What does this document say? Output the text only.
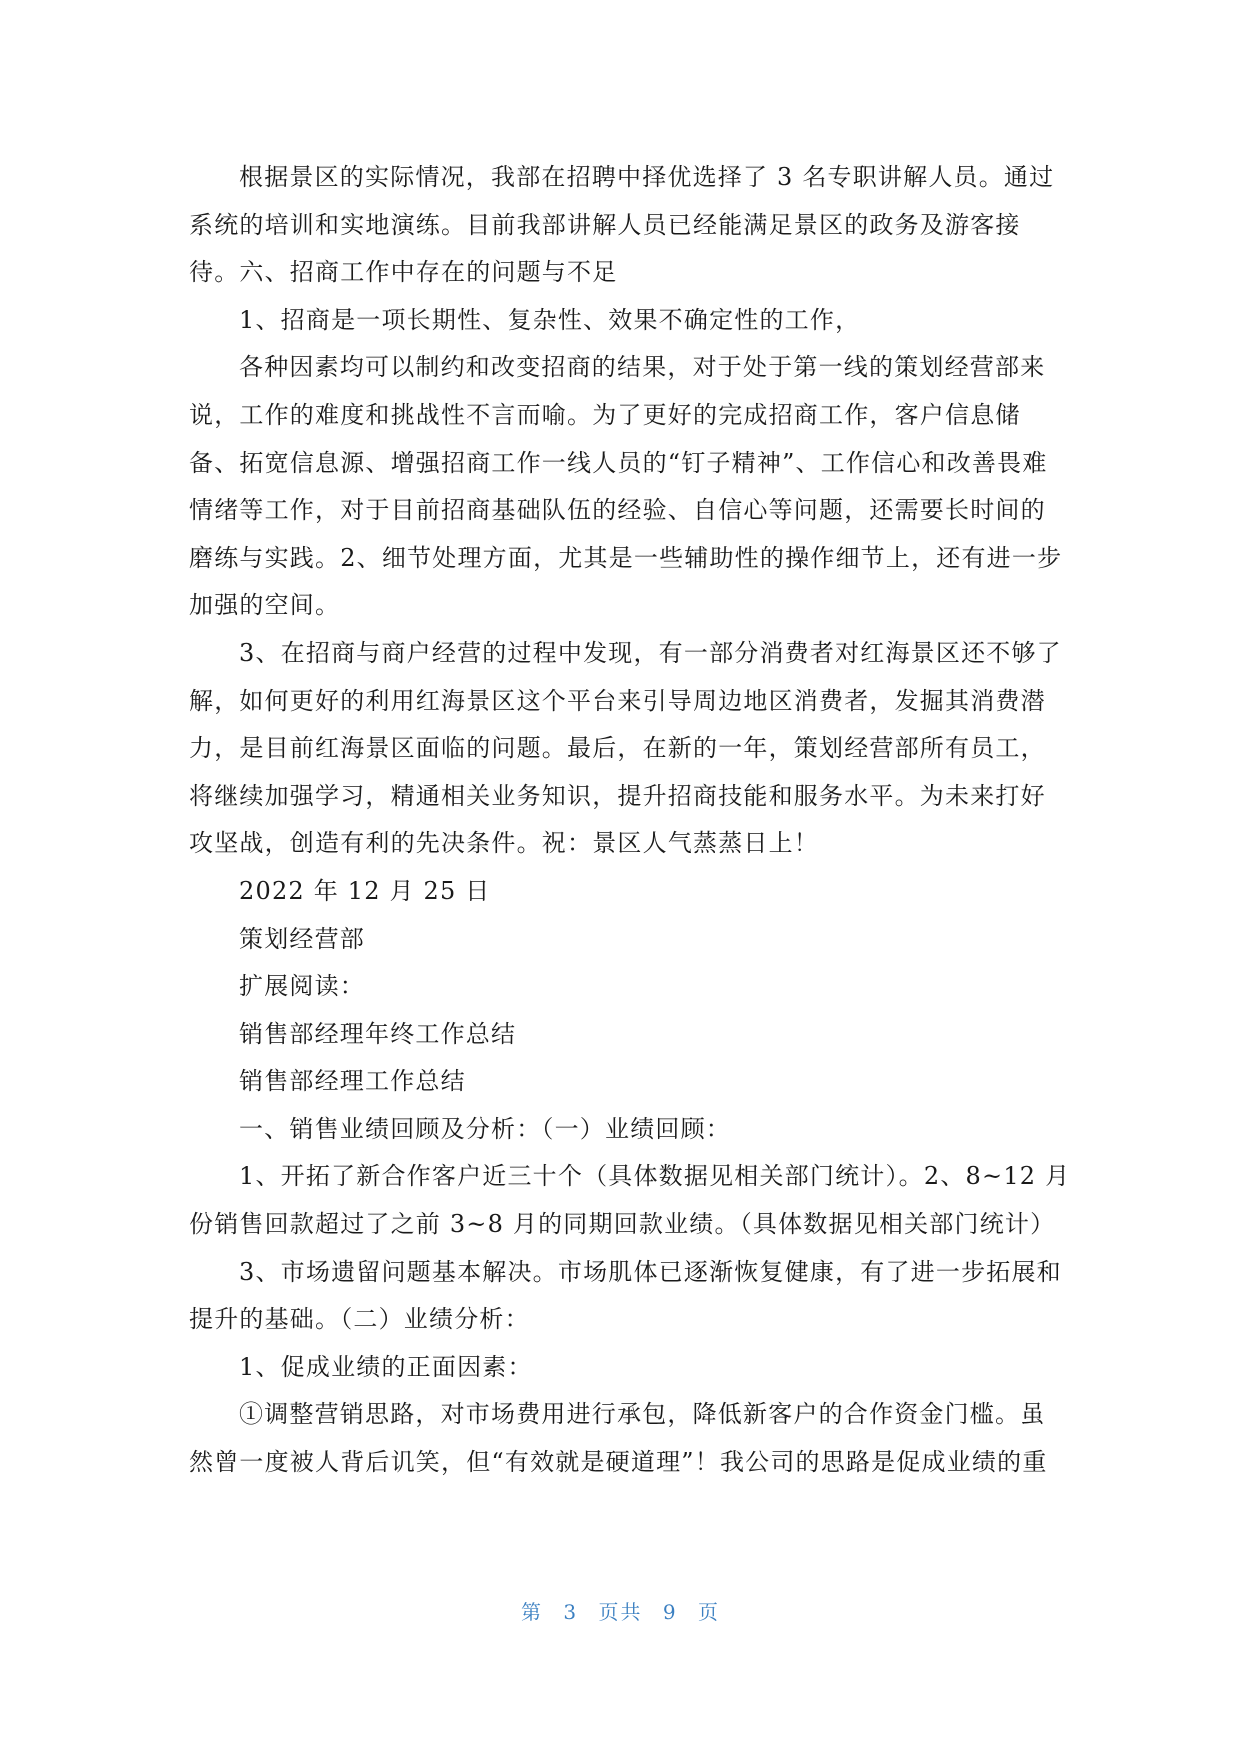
根据景区的实际情况，我部在招聘中择优选择了 3 名专职讲解人员。通过
系统的培训和实地演练。目前我部讲解人员已经能满足景区的政务及游客接
待。六、招商工作中存在的问题与不足

1、招商是一项长期性、复杂性、效果不确定性的工作，

各种因素均可以制约和改变招商的结果，对于处于第一线的策划经营部来
说，工作的难度和挑战性不言而喻。为了更好的完成招商工作，客户信息储
备、拓宽信息源、增强招商工作一线人员的“钉子精神”、工作信心和改善畏难
情绪等工作，对于目前招商基础队伍的经验、自信心等问题，还需要长时间的
磨练与实践。2、细节处理方面，尤其是一些辅助性的操作细节上，还有进一步
加强的空间。

3、在招商与商户经营的过程中发现，有一部分消费者对红海景区还不够了
解，如何更好的利用红海景区这个平台来引导周边地区消费者，发掘其消费潜
力，是目前红海景区面临的问题。最后，在新的一年，策划经营部所有员工，
将继续加强学习，精通相关业务知识，提升招商技能和服务水平。为未来打好
攻坚战，创造有利的先决条件。祝：景区人气蒸蒸日上！

2022 年 12 月 25 日

策划经营部

扩展阅读：

销售部经理年终工作总结

销售部经理工作总结

一、销售业绩回顾及分析：（一）业绩回顾：

1、开拓了新合作客户近三十个（具体数据见相关部门统计）。2、8~12 月
份销售回款超过了之前 3~8 月的同期回款业绩。（具体数据见相关部门统计）

3、市场遗留问题基本解决。市场肌体已逐渐恢复健康，有了进一步拓展和
提升的基础。（二）业绩分析：

1、促成业绩的正面因素：

①调整营销思路，对市场费用进行承包，降低新客户的合作资金门槛。虽
然曾一度被人背后讥笑，但“有效就是硬道理”！我公司的思路是促成业绩的重

第 3 页共 9 页
